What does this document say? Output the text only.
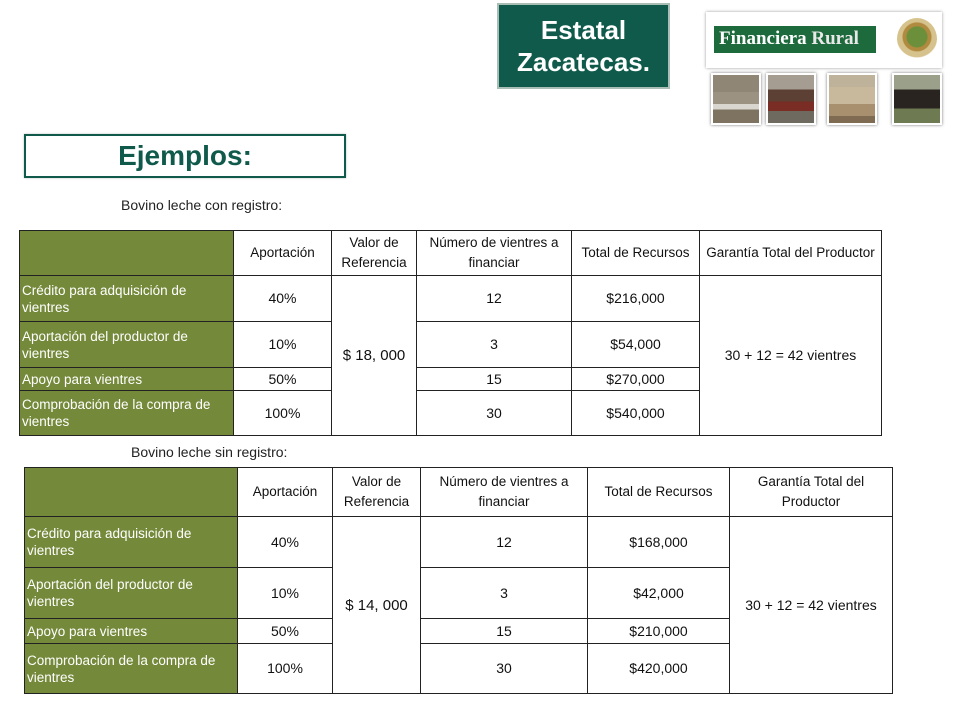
Estatal
Zacatecas.
Financiera Rural
Ejemplos:
Bovino leche con registro:
	Aportación	Valor de Referencia	Número de vientres a financiar	Total de Recursos	Garantía Total del Productor
Crédito para adquisición de vientres	40%	$ 18, 000	12	$216,000	30 + 12 = 42 vientres
Aportación del productor de vientres	10%		3	$54,000	
Apoyo para vientres	50%		15	$270,000	
Comprobación de la compra de vientres	100%		30	$540,000	
Bovino leche sin registro:
	Aportación	Valor de Referencia	Número de vientres a financiar	Total de Recursos	Garantía Total del Productor
Crédito para adquisición de vientres	40%	$ 14, 000	12	$168,000	30 + 12 = 42 vientres
Aportación del productor de vientres	10%		3	$42,000	
Apoyo para vientres	50%		15	$210,000	
Comprobación de la compra de vientres	100%		30	$420,000	
